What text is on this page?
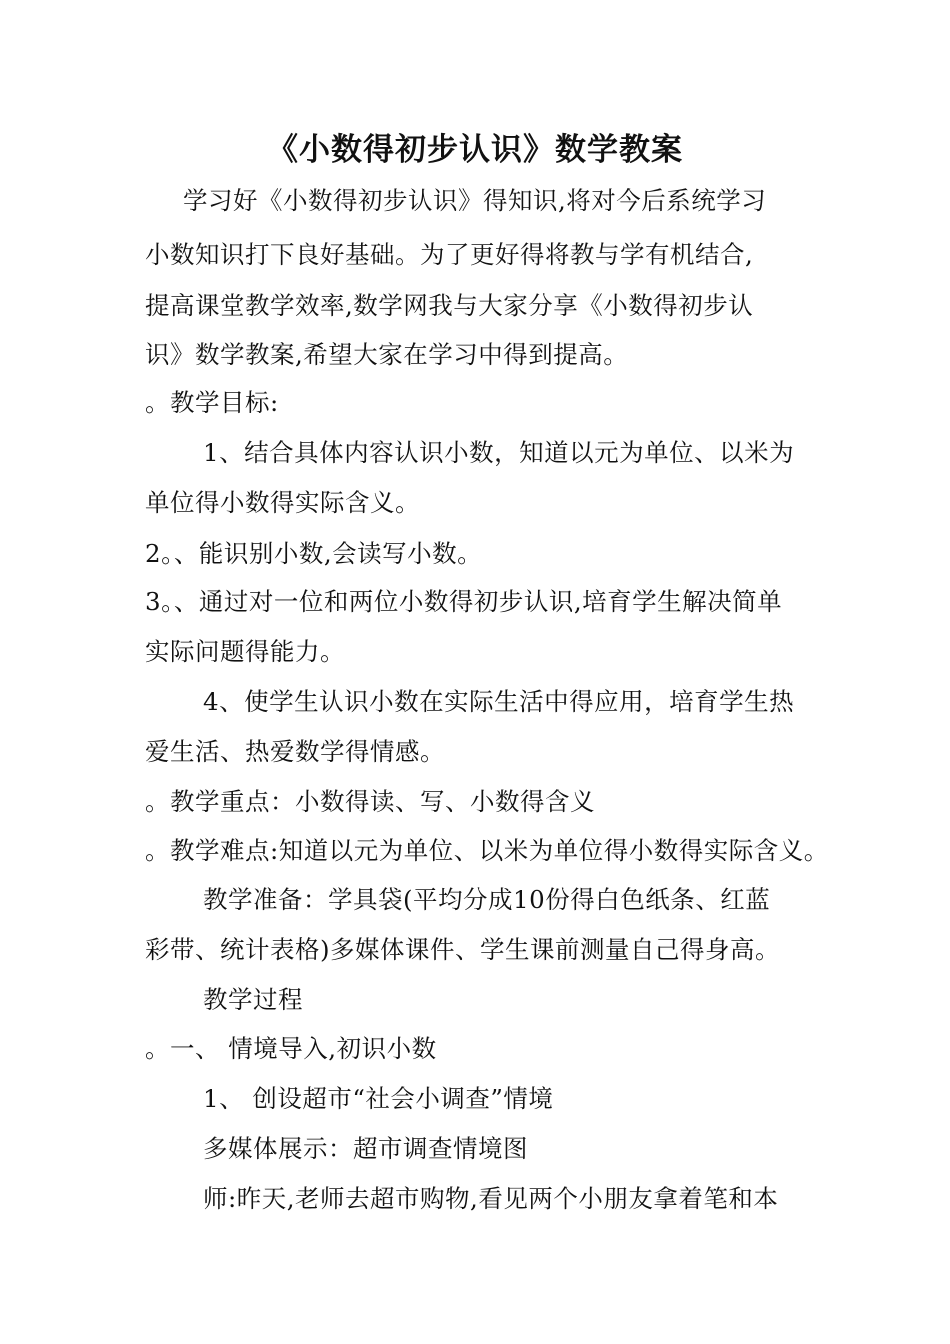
《小数得初步认识》数学教案
学习好《小数得初步认识》得知识,将对今后系统学习
小数知识打下良好基础。为了更好得将教与学有机结合,
提高课堂教学效率,数学网我与大家分享《小数得初步认
识》数学教案,希望大家在学习中得到提高。
。教学目标:
1、结合具体内容认识小数，知道以元为单位、以米为
单位得小数得实际含义。
2。、能识别小数,会读写小数。
3。、通过对一位和两位小数得初步认识,培育学生解决简单
实际问题得能力。
4、使学生认识小数在实际生活中得应用，培育学生热
爱生活、热爱数学得情感。
。教学重点：小数得读、写、小数得含义
。教学难点:知道以元为单位、以米为单位得小数得实际含义。
教学准备：学具袋(平均分成10份得白色纸条、红蓝
彩带、统计表格)多媒体课件、学生课前测量自己得身高。
教学过程
。一、 情境导入,初识小数
1、 创设超市“社会小调查”情境
多媒体展示：超市调查情境图
师:昨天,老师去超市购物,看见两个小朋友拿着笔和本
